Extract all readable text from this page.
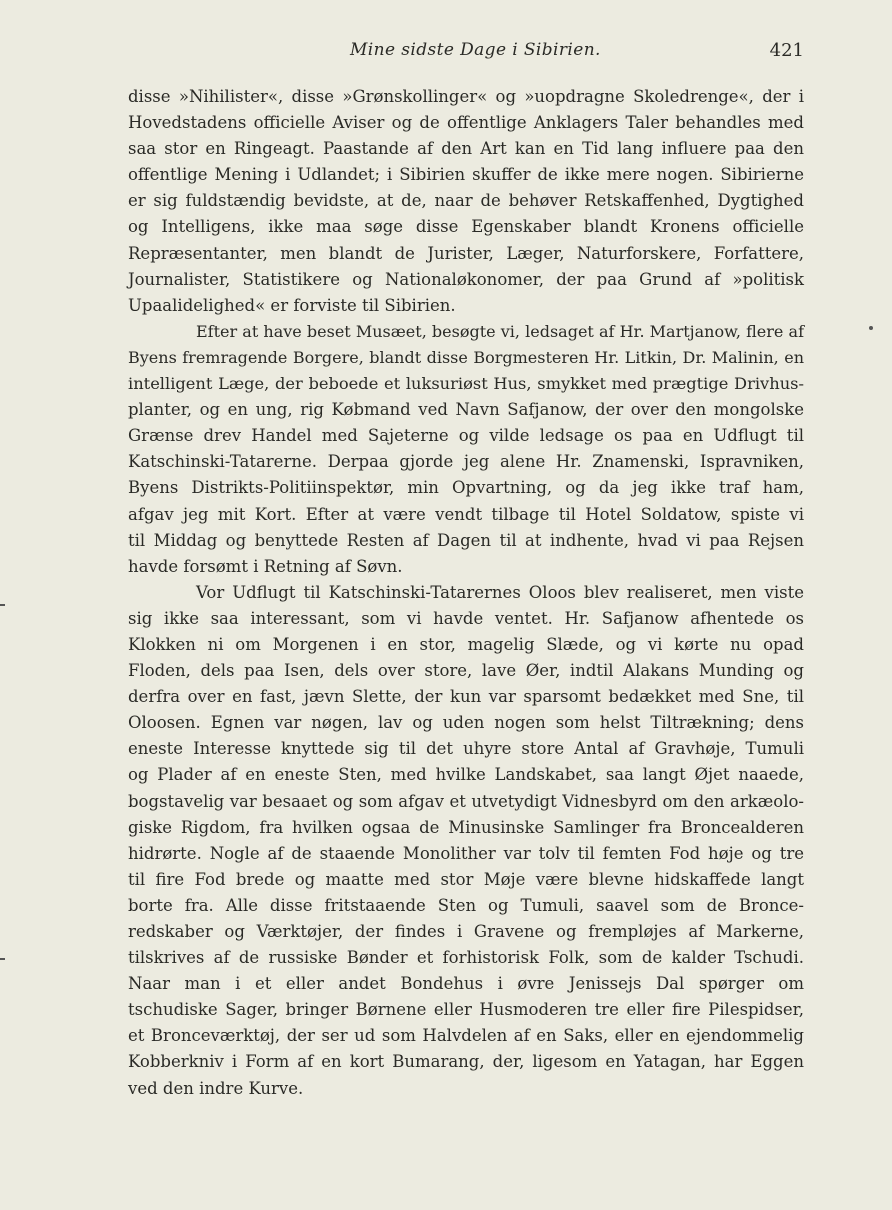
Mine sidste Dage i Sibirien.	421
disse »Nihilister«, disse »Grønskollinger« og »uopdragne Skoledrenge«, der i
Hovedstadens officielle Aviser og de offentlige Anklagers Taler behandles med
saa stor en Ringeagt. Paastande af den Art kan en Tid lang influere paa den
offentlige Mening i Udlandet; i Sibirien skuffer de ikke mere nogen. Sibirierne
er sig fuldstændig bevidste, at de, naar de behøver Retskaffenhed, Dygtighed
og Intelligens, ikke maa søge disse Egenskaber blandt Kronens officielle
Repræsentanter, men blandt de Jurister, Læger, Naturforskere, Forfattere,
Journalister, Statistikere og Nationaløkonomer, der paa Grund af »politisk
Upaalidelighed« er forviste til Sibirien.
Efter at have beset Musæet, besøgte vi, ledsaget af Hr. Martjanow, flere af
Byens fremragende Borgere, blandt disse Borgmesteren Hr. Litkin, Dr. Malinin, en
intelligent Læge, der beboede et luksuriøst Hus, smykket med prægtige Drivhus-
planter, og en ung, rig Købmand ved Navn Safjanow, der over den mongolske
Grænse drev Handel med Sajeterne og vilde ledsage os paa en Udflugt til
Katschinski-Tatarerne. Derpaa gjorde jeg alene Hr. Znamenski, Ispravniken,
Byens Distrikts-Politiinspektør, min Opvartning, og da jeg ikke traf ham,
afgav jeg mit Kort. Efter at være vendt tilbage til Hotel Soldatow, spiste vi
til Middag og benyttede Resten af Dagen til at indhente, hvad vi paa Rejsen
havde forsømt i Retning af Søvn.
Vor Udflugt til Katschinski-Tatarernes Oloos blev realiseret, men viste
sig ikke saa interessant, som vi havde ventet. Hr. Safjanow afhentede os
Klokken ni om Morgenen i en stor, magelig Slæde, og vi kørte nu opad
Floden, dels paa Isen, dels over store, lave Øer, indtil Alakans Munding og
derfra over en fast, jævn Slette, der kun var sparsomt bedækket med Sne, til
Oloosen. Egnen var nøgen, lav og uden nogen som helst Tiltrækning; dens
eneste Interesse knyttede sig til det uhyre store Antal af Gravhøje, Tumuli
og Plader af en eneste Sten, med hvilke Landskabet, saa langt Øjet naaede,
bogstavelig var besaaet og som afgav et utvetydigt Vidnesbyrd om den arkæolo-
giske Rigdom, fra hvilken ogsaa de Minusinske Samlinger fra Broncealderen
hidrørte. Nogle af de staaende Monolither var tolv til femten Fod høje og tre
til fire Fod brede og maatte med stor Møje være blevne hidskaffede langt
borte fra. Alle disse fritstaaende Sten og Tumuli, saavel som de Bronce-
redskaber og Værktøjer, der findes i Gravene og frempløjes af Markerne,
tilskrives af de russiske Bønder et forhistorisk Folk, som de kalder Tschudi.
Naar man i et eller andet Bondehus i øvre Jenissejs Dal spørger om
tschudiske Sager, bringer Børnene eller Husmoderen tre eller fire Pilespidser,
et Bronceværktøj, der ser ud som Halvdelen af en Saks, eller en ejendommelig
Kobberkniv i Form af en kort Bumarang, der, ligesom en Yatagan, har Eggen
ved den indre Kurve.
